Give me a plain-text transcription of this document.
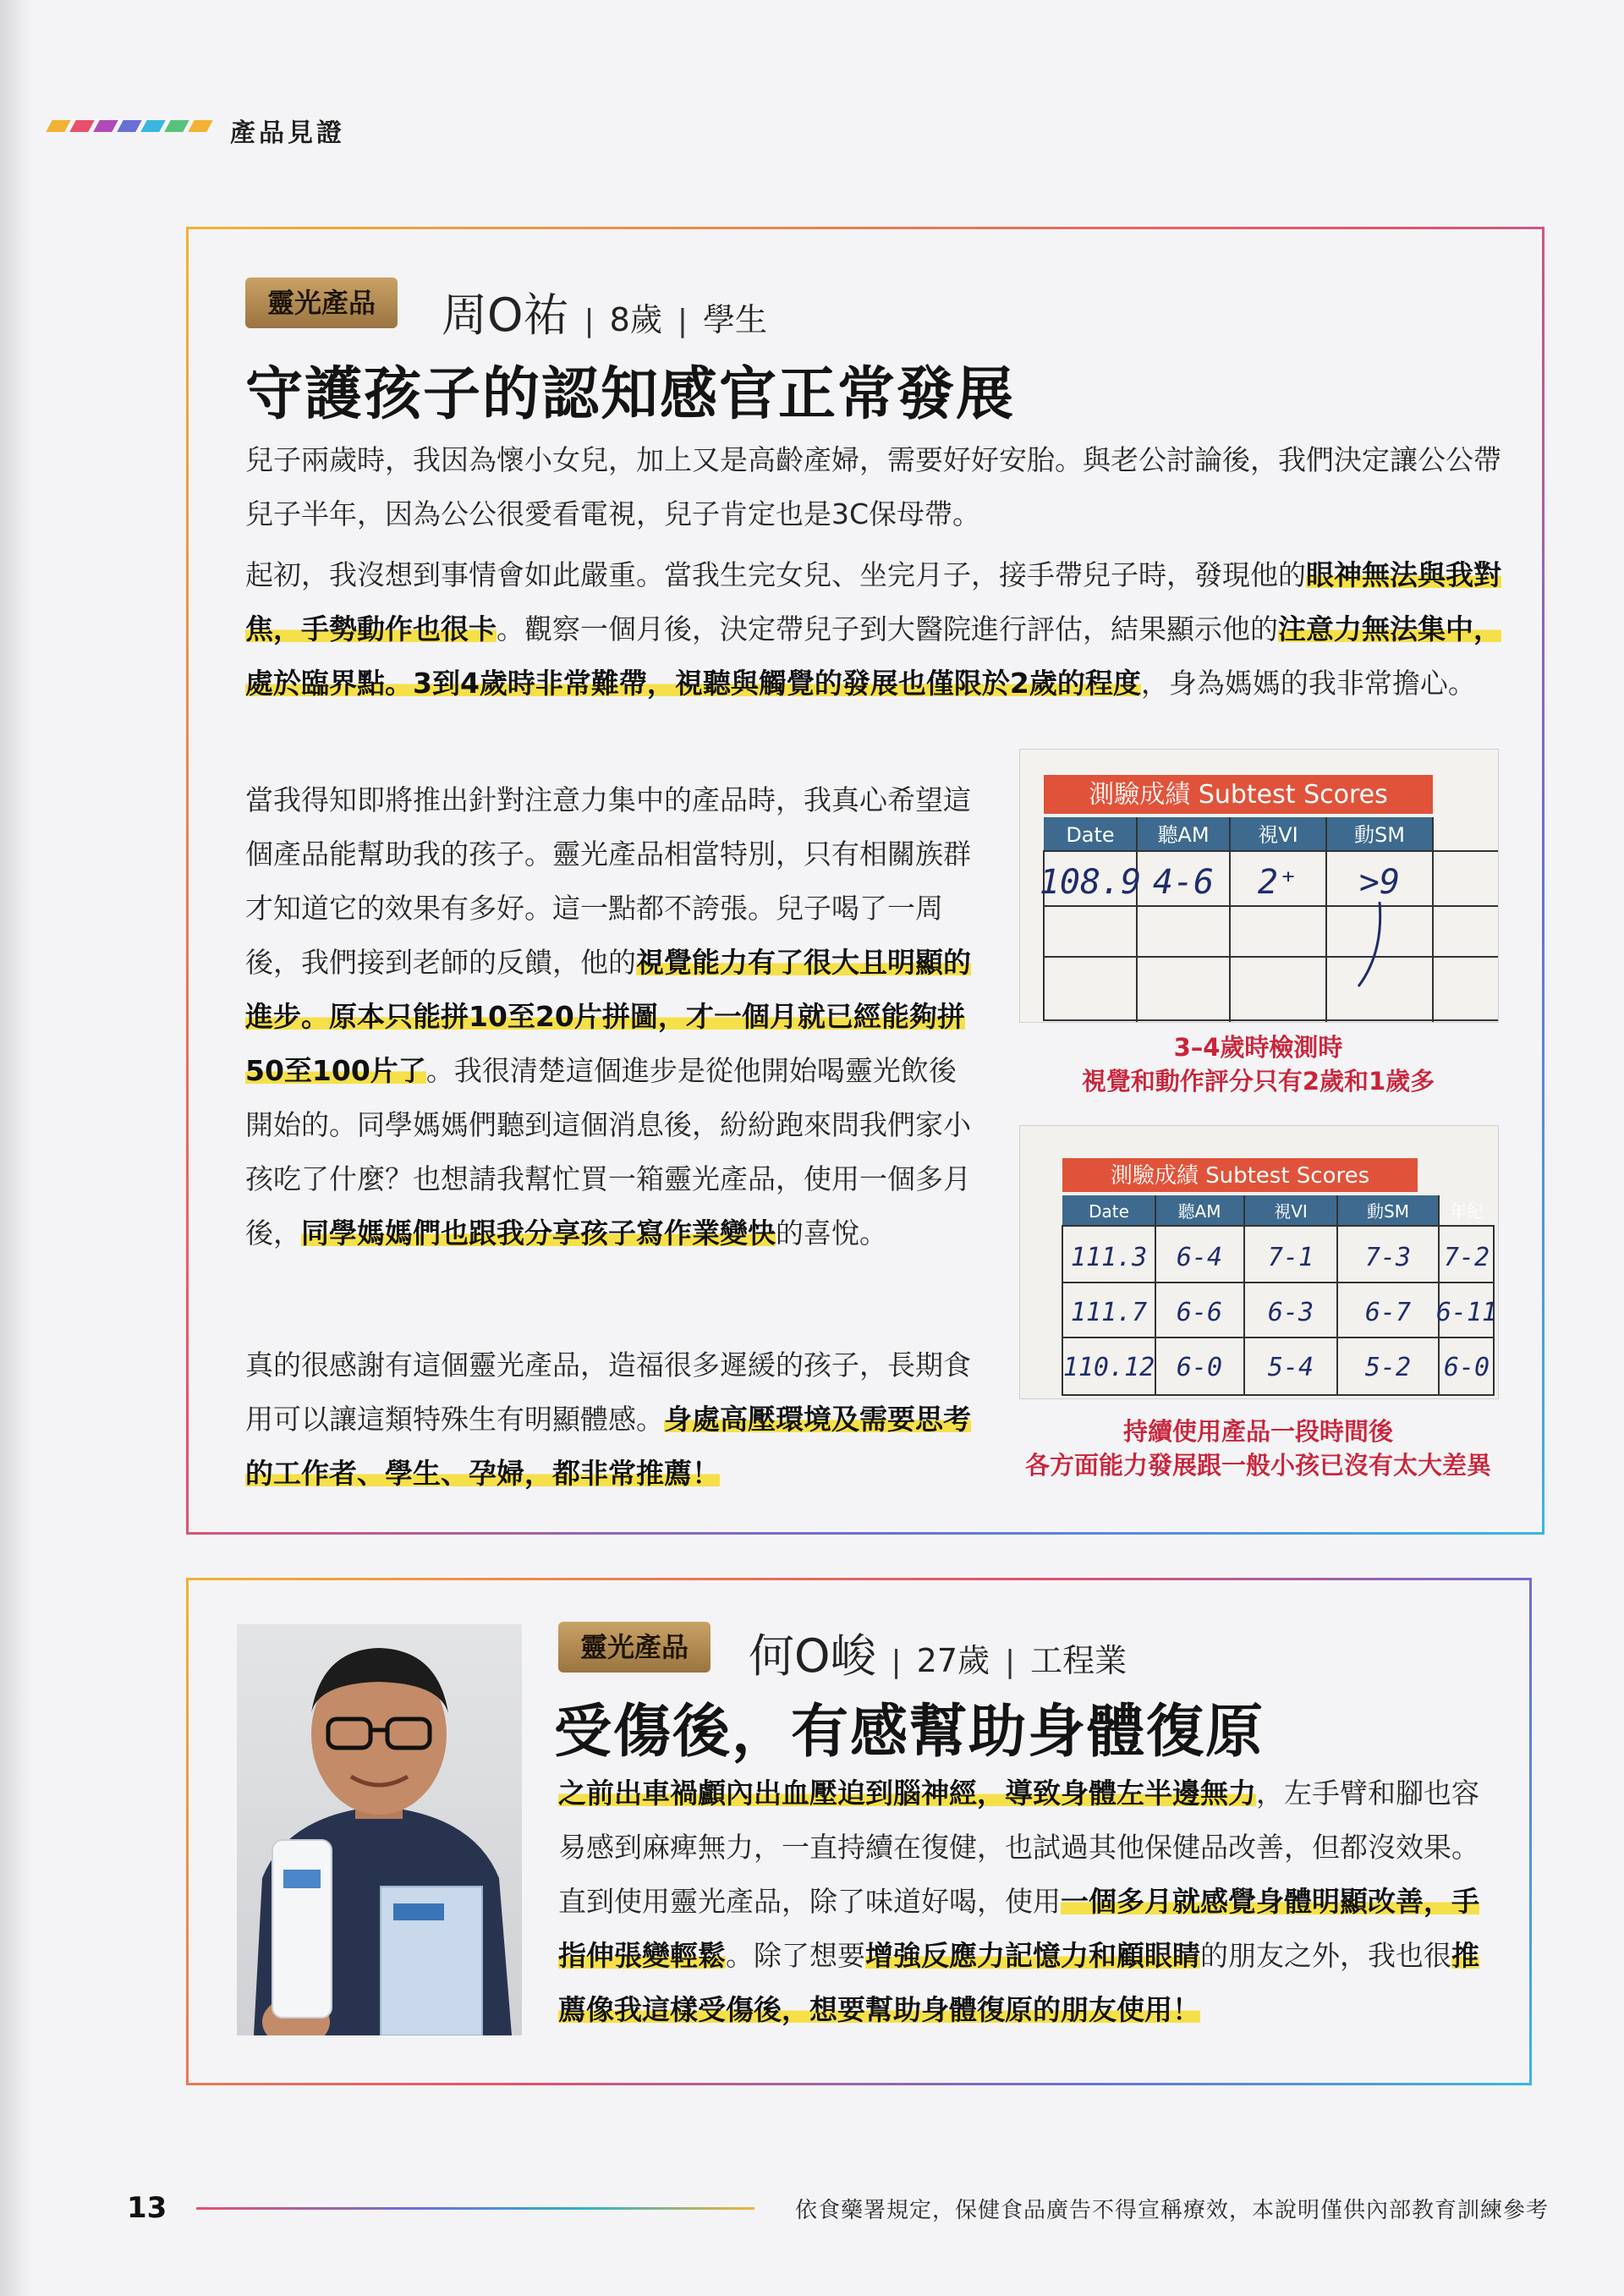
產品見證
靈光產品	周O祐 | 8歲 | 學生
守護孩子的認知感官正常發展

兒子兩歲時，我因為懷小女兒，加上又是高齡產婦，需要好好安胎。與老公討論後，我們決定讓公公帶兒子半年，因為公公很愛看電視，兒子肯定也是3C保母帶。

起初，我沒想到事情會如此嚴重。當我生完女兒、坐完月子，接手帶兒子時，發現他的眼神無法與我對焦，手勢動作也很卡。觀察一個月後，決定帶兒子到大醫院進行評估，結果顯示他的注意力無法集中，處於臨界點。3到4歲時非常難帶，視聽與觸覺的發展也僅限於2歲的程度，身為媽媽的我非常擔心。

當我得知即將推出針對注意力集中的產品時，我真心希望這個產品能幫助我的孩子。靈光產品相當特別，只有相關族群才知道它的效果有多好。這一點都不誇張。兒子喝了一周後，我們接到老師的反饋，他的視覺能力有了很大且明顯的進步。原本只能拼10至20片拼圖，才一個月就已經能夠拼50至100片了。我很清楚這個進步是從他開始喝靈光飲後開始的。同學媽媽們聽到這個消息後，紛紛跑來問我們家小孩吃了什麼？也想請我幫忙買一箱靈光產品，使用一個多月後，同學媽媽們也跟我分享孩子寫作業變快的喜悅。

真的很感謝有這個靈光產品，造福很多遲緩的孩子，長期食用可以讓這類特殊生有明顯體感。身處高壓環境及需要思考的工作者、學生、孕婦，都非常推薦！

測驗成績 Subtest Scores
Date 聽AM 視VI	動SM
108.9 4-6 2⁺ >9
3–4歲時檢測時
視覺和動作評分只有2歲和1歲多
測驗成績 Subtest Scores
Date	聽AM	視VI	動SM 年紀
111.3 6-4 7-1 7-3 7-2
111.7 6-6 6-3 6-7 6-11
110.12 6-0 5-4 5-2 6-0
持續使用產品一段時間後
各方面能力發展跟一般小孩已沒有太大差異
靈光產品	何O峻 | 27歲 | 工程業
受傷後，有感幫助身體復原

之前出車禍顱內出血壓迫到腦神經，導致身體左半邊無力，左手臂和腳也容易感到麻痺無力，一直持續在復健，也試過其他保健品改善，但都沒效果。直到使用靈光產品，除了味道好喝，使用一個多月就感覺身體明顯改善，手指伸張變輕鬆。除了想要增強反應力記憶力和顧眼睛的朋友之外，我也很推薦像我這樣受傷後，想要幫助身體復原的朋友使用！

13	依食藥署規定，保健食品廣告不得宣稱療效，本說明僅供內部教育訓練參考
